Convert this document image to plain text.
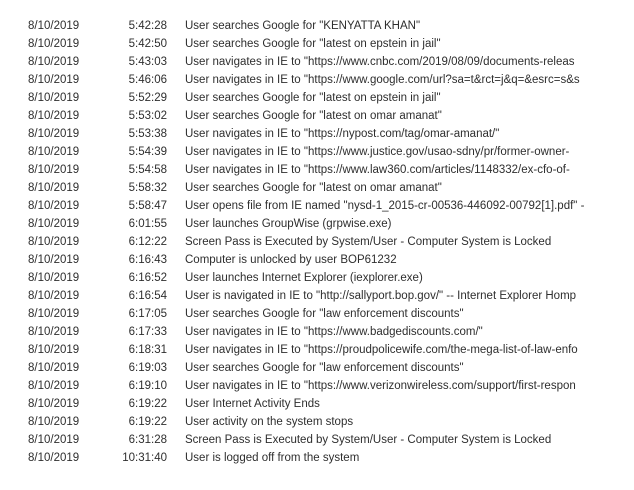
8/10/2019	5:42:28 User searches Google for "KENYATTA KHAN"
8/10/2019	5:42:50 User searches Google for "latest on epstein in jail"
8/10/2019	5:43:03 User navigates in IE to "https://www.cnbc.com/2019/08/09/documents-releas
8/10/2019	5:46:06 User navigates in IE to "https://www.google.com/url?sa=t&rct=j&q=&esrc=s&s
8/10/2019	5:52:29 User searches Google for "latest on epstein in jail"
8/10/2019	5:53:02 User searches Google for "latest on omar amanat"
8/10/2019	5:53:38 User navigates in IE to "https://nypost.com/tag/omar-amanat/"
8/10/2019	5:54:39 User navigates in IE to "https://www.justice.gov/usao-sdny/pr/former-owner-
8/10/2019	5:54:58 User navigates in IE to "https://www.law360.com/articles/1148332/ex-cfo-of-
8/10/2019	5:58:32 User searches Google for "latest on omar amanat"
8/10/2019	5:58:47 User opens file from IE named "nysd-1_2015-cr-00536-446092-00792[1].pdf" -
8/10/2019	6:01:55 User launches GroupWise (grpwise.exe)
8/10/2019	6:12:22 Screen Pass is Executed by System/User - Computer System is Locked
8/10/2019	6:16:43 Computer is unlocked by user BOP61232
8/10/2019	6:16:52 User launches Internet Explorer (iexplorer.exe)
8/10/2019	6:16:54 User is navigated in IE to "http://sallyport.bop.gov/" -- Internet Explorer Homp
8/10/2019	6:17:05 User searches Google for "law enforcement discounts"
8/10/2019	6:17:33 User navigates in IE to "https://www.badgediscounts.com/"
8/10/2019	6:18:31 User navigates in IE to "https://proudpolicewife.com/the-mega-list-of-law-enfo
8/10/2019	6:19:03 User searches Google for "law enforcement discounts"
8/10/2019	6:19:10 User navigates in IE to "https://www.verizonwireless.com/support/first-respon
8/10/2019	6:19:22 User Internet Activity Ends
8/10/2019	6:19:22 User activity on the system stops
8/10/2019	6:31:28 Screen Pass is Executed by System/User - Computer System is Locked
8/10/2019	10:31:40 User is logged off from the system
